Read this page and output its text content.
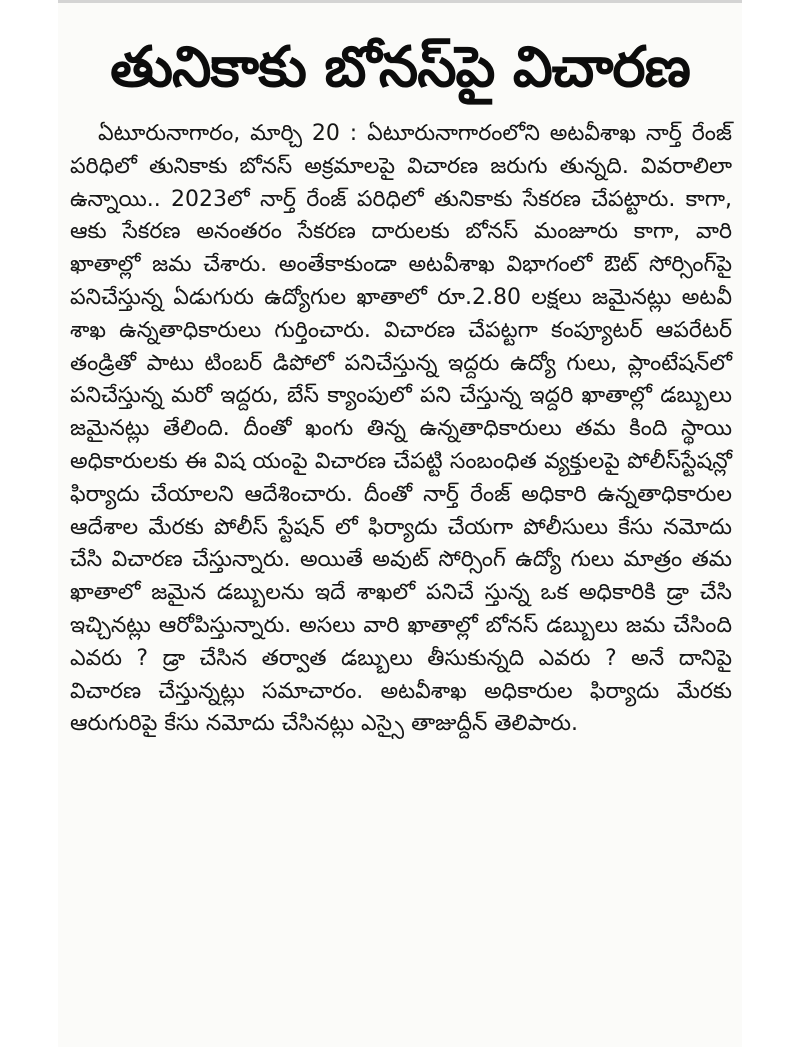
తునికాకు బోనస్‌పై విచారణ

ఏటూరునాగారం, మార్చి 20 : ఏటూరునాగారంలోని అటవీశాఖ నార్త్ రేంజ్ పరిధిలో తునికాకు బోనస్ అక్రమాలపై విచారణ జరుగు తున్నది. వివరాలిలా ఉన్నాయి.. 2023లో నార్త్ రేంజ్ పరిధిలో తునికాకు సేకరణ చేపట్టారు. కాగా, ఆకు సేకరణ అనంతరం సేకరణ దారులకు బోనస్ మంజూరు కాగా, వారి ఖాతాల్లో జమ చేశారు. అంతేకాకుండా అటవీశాఖ విభాగంలో ఔట్ సోర్సింగ్‌పై పనిచేస్తున్న ఏడుగురు ఉద్యోగుల ఖాతాలో రూ.2.80 లక్షలు జమైనట్లు అటవీ శాఖ ఉన్నతాధికారులు గుర్తించారు. విచారణ చేపట్టగా కంప్యూటర్ ఆపరేటర్ తండ్రితో పాటు టింబర్ డిపోలో పనిచేస్తున్న ఇద్దరు ఉద్యో గులు, ప్లాంటేషన్‌లో పనిచేస్తున్న మరో ఇద్దరు, బేస్ క్యాంపులో పని చేస్తున్న ఇద్దరి ఖాతాల్లో డబ్బులు జమైనట్లు తేలింది. దీంతో ఖంగు తిన్న ఉన్నతాధికారులు తమ కింది స్థాయి అధికారులకు ఈ విష యంపై విచారణ చేపట్టి సంబంధిత వ్యక్తులపై పోలీస్‌స్టేషన్లో ఫిర్యాదు చేయాలని ఆదేశించారు. దీంతో నార్త్ రేంజ్ అధికారి ఉన్నతాధికారుల ఆదేశాల మేరకు పోలీస్ స్టేషన్ లో ఫిర్యాదు చేయగా పోలీసులు కేసు నమోదు చేసి విచారణ చేస్తున్నారు. అయితే అవుట్ సోర్సింగ్ ఉద్యో గులు మాత్రం తమ ఖాతాలో జమైన డబ్బులను ఇదే శాఖలో పనిచే స్తున్న ఒక అధికారికి డ్రా చేసి ఇచ్చినట్లు ఆరోపిస్తున్నారు. అసలు వారి ఖాతాల్లో బోనస్ డబ్బులు జమ చేసింది ఎవరు ? డ్రా చేసిన తర్వాత డబ్బులు తీసుకున్నది ఎవరు ? అనే దానిపై విచారణ చేస్తున్నట్లు సమాచారం. అటవీశాఖ అధికారుల ఫిర్యాదు మేరకు ఆరుగురిపై కేసు నమోదు చేసినట్లు ఎస్సై తాజుద్దీన్ తెలిపారు.
